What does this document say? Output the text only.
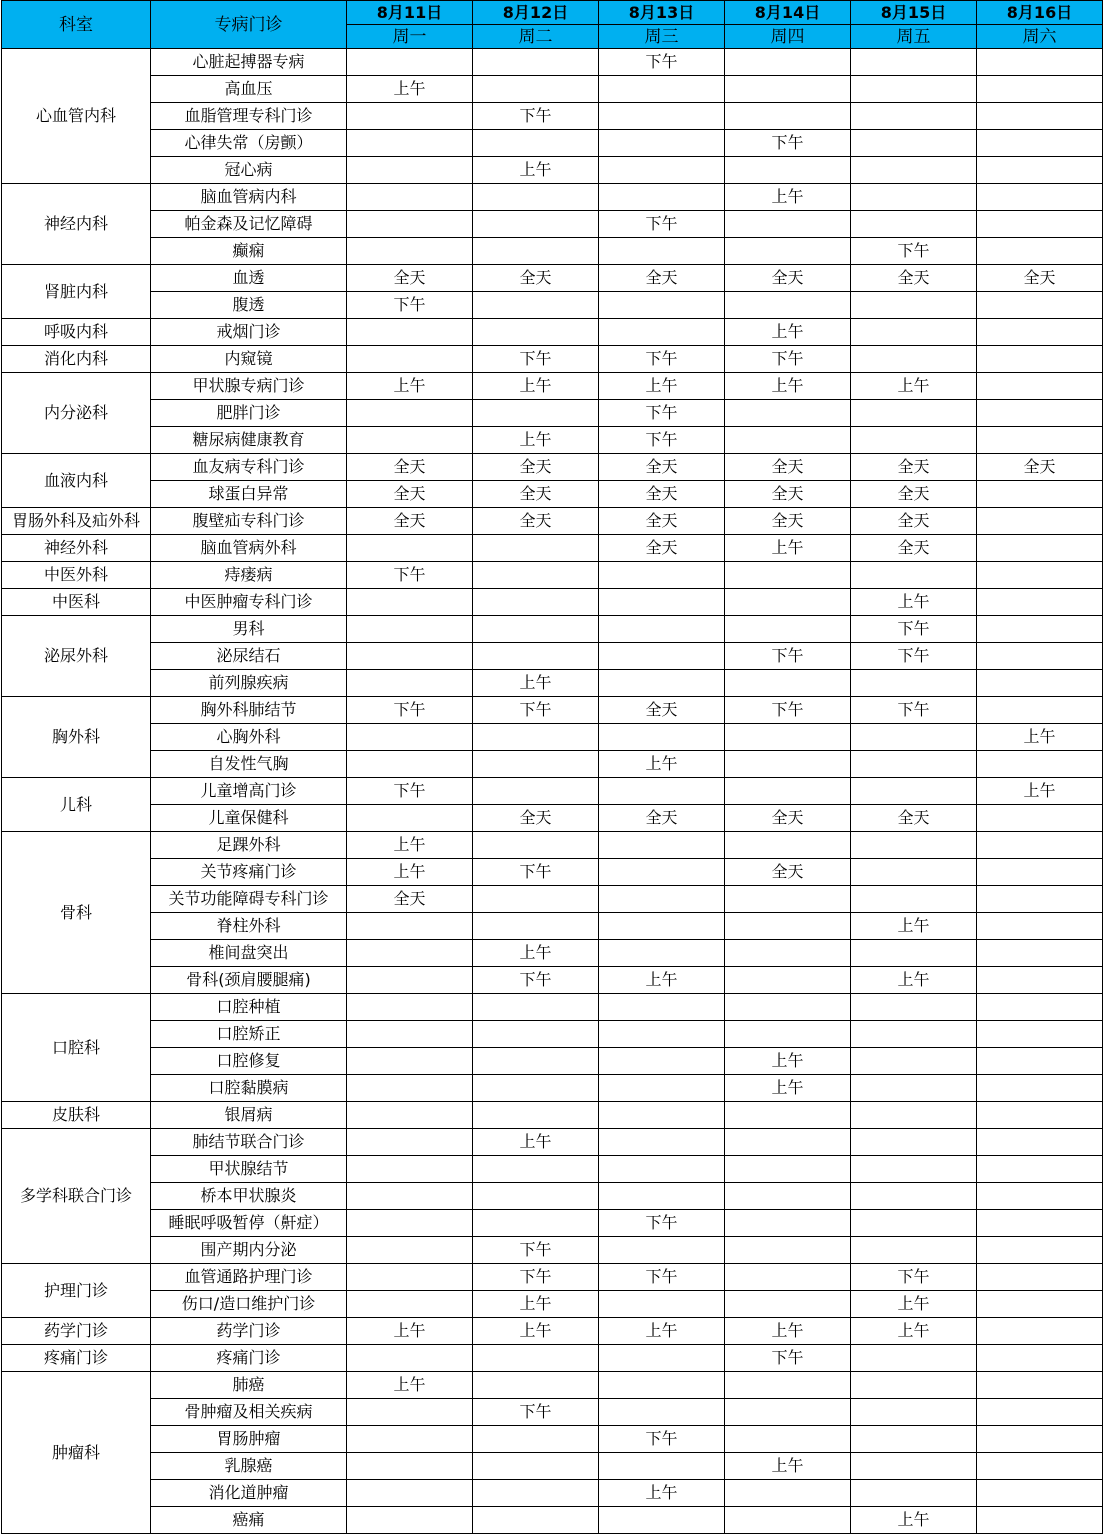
科室	专病门诊	8月11日	8月12日	8月13日	8月14日	8月15日	8月16日
		周一	周二	周三	周四	周五	周六
心血管内科	心脏起搏器专病			下午			
	高血压	上午					
	血脂管理专科门诊		下午				
	心律失常（房颤）				下午		
	冠心病		上午				
神经内科	脑血管病内科				上午		
	帕金森及记忆障碍			下午			
	癫痫					下午	
肾脏内科	血透	全天	全天	全天	全天	全天	全天
	腹透	下午					
呼吸内科	戒烟门诊				上午		
消化内科	内窥镜		下午	下午	下午		
内分泌科	甲状腺专病门诊	上午	上午	上午	上午	上午	
	肥胖门诊			下午			
	糖尿病健康教育		上午	下午			
血液内科	血友病专科门诊	全天	全天	全天	全天	全天	全天
	球蛋白异常	全天	全天	全天	全天	全天	
胃肠外科及疝外科	腹壁疝专科门诊	全天	全天	全天	全天	全天	
神经外科	脑血管病外科			全天	上午	全天	
中医外科	痔瘘病	下午					
中医科	中医肿瘤专科门诊					上午	
泌尿外科	男科					下午	
	泌尿结石				下午	下午	
	前列腺疾病		上午				
胸外科	胸外科肺结节	下午	下午	全天	下午	下午	
	心胸外科						上午
	自发性气胸			上午			
儿科	儿童增高门诊	下午					上午
	儿童保健科		全天	全天	全天	全天	
骨科	足踝外科	上午					
	关节疼痛门诊	上午	下午		全天		
	关节功能障碍专科门诊	全天					
	脊柱外科					上午	
	椎间盘突出		上午				
	骨科(颈肩腰腿痛)		下午	上午		上午	
口腔科	口腔种植						
	口腔矫正						
	口腔修复				上午		
	口腔黏膜病				上午		
皮肤科	银屑病						
多学科联合门诊	肺结节联合门诊		上午				
	甲状腺结节						
	桥本甲状腺炎						
	睡眠呼吸暂停（鼾症）			下午			
	围产期内分泌		下午				
护理门诊	血管通路护理门诊		下午	下午		下午	
	伤口/造口维护门诊		上午			上午	
药学门诊	药学门诊	上午	上午	上午	上午	上午	
疼痛门诊	疼痛门诊				下午		
肿瘤科	肺癌	上午					
	骨肿瘤及相关疾病		下午				
	胃肠肿瘤			下午			
	乳腺癌				上午		
	消化道肿瘤			上午			
	癌痛					上午	
